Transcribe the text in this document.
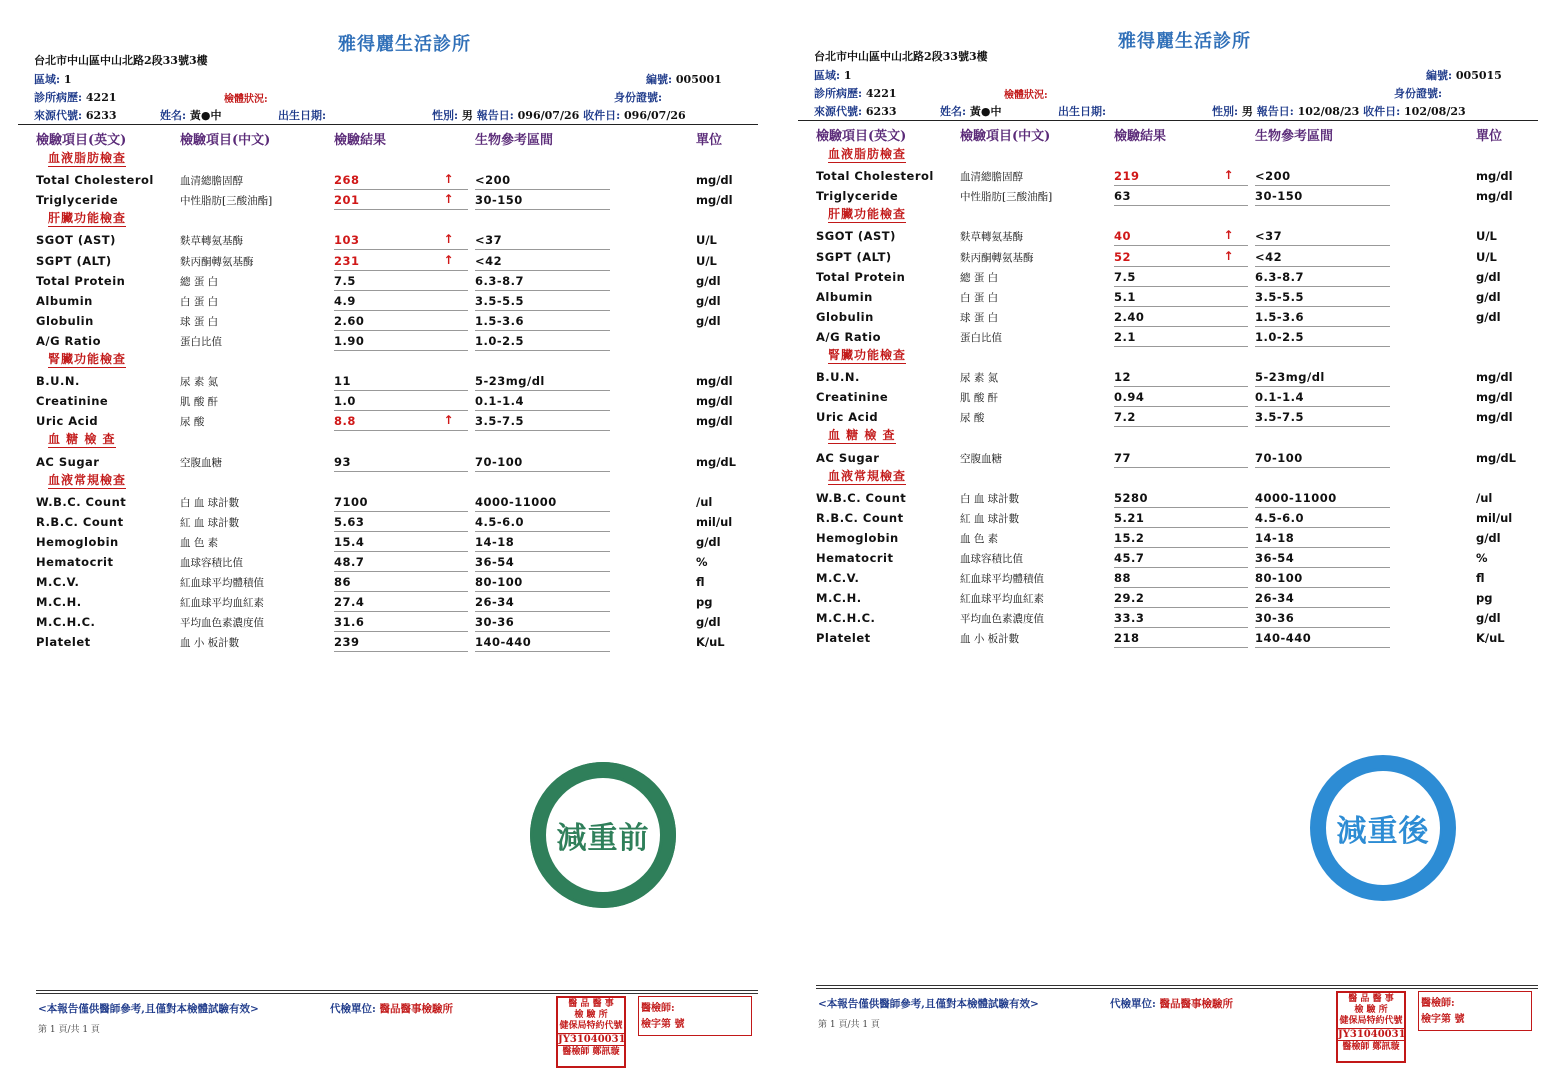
雅得麗生活診所
台北市中山區中山北路2段33號3樓
區域: 1
診所病歷: 4221	檢體狀況:
來源代號: 6233	姓名: 黃●中	出生日期:
編號: 005001
身份證號:
性別: 男 報告日: 096/07/26 收件日: 096/07/26
檢驗項目(英文)	檢驗項目(中文)	檢驗結果	生物參考區間	單位
血液脂肪檢查
Total Cholesterol 血清總膽固醇	268	↑ <200	mg/dl
Triglyceride	中性脂肪[三酸油酯]	201	↑ 30-150	mg/dl
肝臟功能檢查
SGOT (AST)	麩草轉氨基酶	103	↑ <37	U/L
SGPT (ALT)	麩丙酮轉氨基酶	231	↑ <42	U/L
Total Protein	總 蛋 白	7.5	6.3-8.7	g/dl
Albumin	白 蛋 白	4.9	3.5-5.5	g/dl
Globulin	球 蛋 白	2.60	1.5-3.6	g/dl
A/G Ratio	蛋白比值	1.90	1.0-2.5
腎臟功能檢查
B.U.N.	尿 素 氮	11	5-23mg/dl	mg/dl
Creatinine	肌 酸 酐	1.0	0.1-1.4	mg/dl
Uric Acid	尿 酸	8.8	↑ 3.5-7.5	mg/dl
血 糖 檢 查
AC Sugar	空腹血糖	93	70-100	mg/dL
血液常規檢查
W.B.C. Count	白 血 球計數	7100	4000-11000	/ul
R.B.C. Count	紅 血 球計數	5.63	4.5-6.0	mil/ul
Hemoglobin	血 色 素	15.4	14-18	g/dl
Hematocrit	血球容積比值	48.7	36-54	%
M.C.V.	紅血球平均體積值	86	80-100	fl
M.C.H.	紅血球平均血紅素	27.4	26-34	pg
M.C.H.C.	平均血色素濃度值	31.6	30-36	g/dl
Platelet	血 小 板計數	239	140-440	K/uL
減重前
<本報告僅供醫師參考,且僅對本檢體試驗有效>	代檢單位: 醫品醫事檢驗所
第 1 頁/共 1 頁
醫 品 醫 事
檢 驗 所
健保局特約代號
JY31040031
醫檢師 鄭訊璇
醫檢師:
檢字第 號
雅得麗生活診所
台北市中山區中山北路2段33號3樓
區域: 1
診所病歷: 4221	檢體狀況:
來源代號: 6233	姓名: 黃●中	出生日期:
編號: 005015
身份證號:
性別: 男 報告日: 102/08/23 收件日: 102/08/23
檢驗項目(英文)	檢驗項目(中文)	檢驗結果	生物參考區間	單位
血液脂肪檢查
Total Cholesterol 血清總膽固醇	219	↑ <200	mg/dl
Triglyceride	中性脂肪[三酸油酯]	63	30-150	mg/dl
肝臟功能檢查
SGOT (AST)	麩草轉氨基酶	40	↑ <37	U/L
SGPT (ALT)	麩丙酮轉氨基酶	52	↑ <42	U/L
Total Protein	總 蛋 白	7.5	6.3-8.7	g/dl
Albumin	白 蛋 白	5.1	3.5-5.5	g/dl
Globulin	球 蛋 白	2.40	1.5-3.6	g/dl
A/G Ratio	蛋白比值	2.1	1.0-2.5
腎臟功能檢查
B.U.N.	尿 素 氮	12	5-23mg/dl	mg/dl
Creatinine	肌 酸 酐	0.94	0.1-1.4	mg/dl
Uric Acid	尿 酸	7.2	3.5-7.5	mg/dl
血 糖 檢 查
AC Sugar	空腹血糖	77	70-100	mg/dL
血液常規檢查
W.B.C. Count	白 血 球計數	5280	4000-11000	/ul
R.B.C. Count	紅 血 球計數	5.21	4.5-6.0	mil/ul
Hemoglobin	血 色 素	15.2	14-18	g/dl
Hematocrit	血球容積比值	45.7	36-54	%
M.C.V.	紅血球平均體積值	88	80-100	fl
M.C.H.	紅血球平均血紅素	29.2	26-34	pg
M.C.H.C.	平均血色素濃度值	33.3	30-36	g/dl
Platelet	血 小 板計數	218	140-440	K/uL
減重後
<本報告僅供醫師參考,且僅對本檢體試驗有效>	代檢單位: 醫品醫事檢驗所
第 1 頁/共 1 頁
醫 品 醫 事
檢 驗 所
健保局特約代號
JY31040031
醫檢師 鄭訊璇
醫檢師:
檢字第 號
